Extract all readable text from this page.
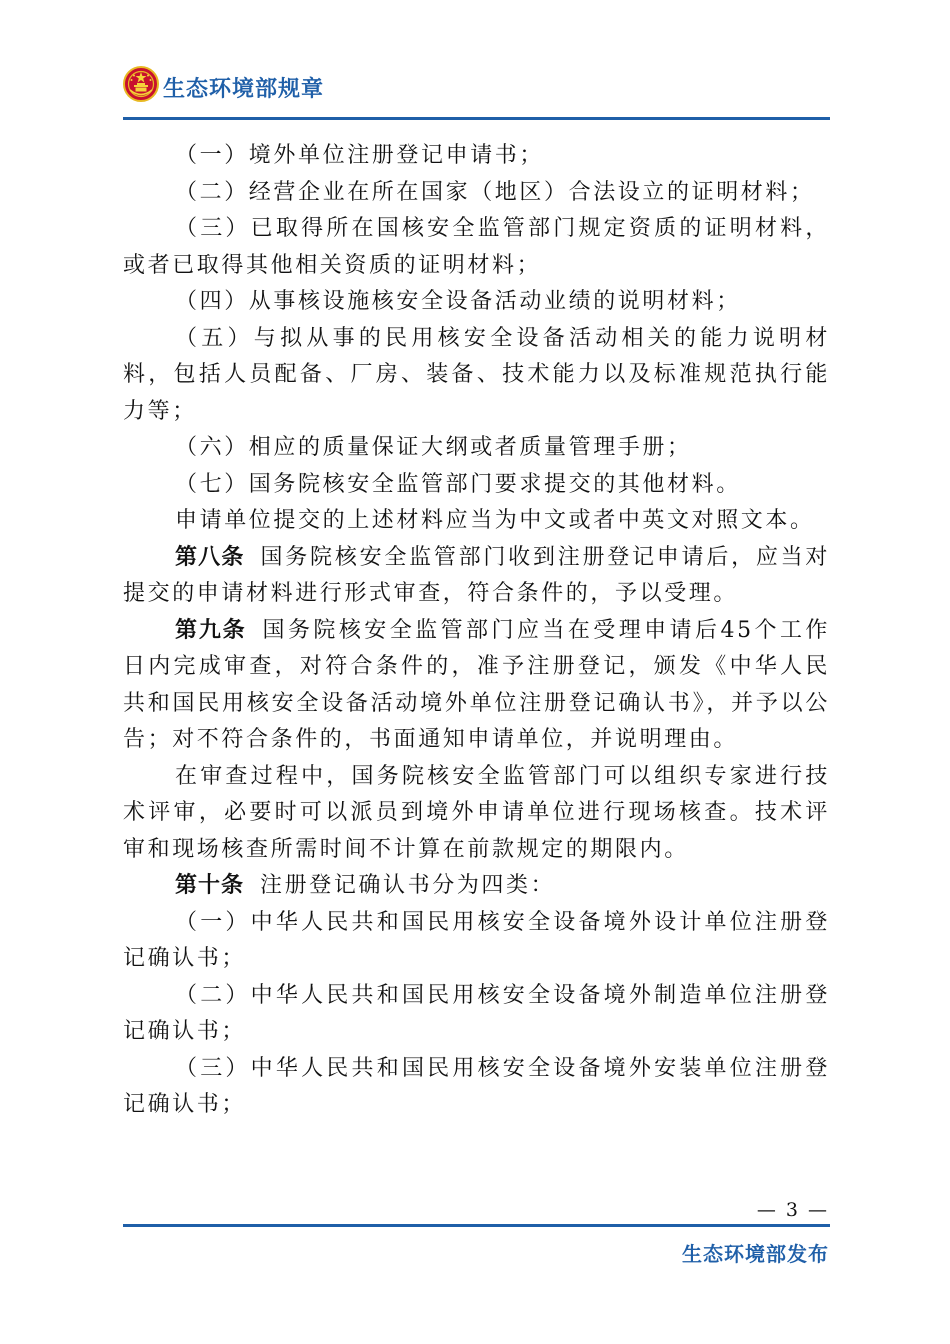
生态环境部规章

（一）境外单位注册登记申请书；

（二）经营企业在所在国家（地区）合法设立的证明材料；

（三）已取得所在国核安全监管部门规定资质的证明材料，或者已取得其他相关资质的证明材料；

（四）从事核设施核安全设备活动业绩的说明材料；

（五）与拟从事的民用核安全设备活动相关的能力说明材料，包括人员配备、厂房、装备、技术能力以及标准规范执行能力等；

（六）相应的质量保证大纲或者质量管理手册；

（七）国务院核安全监管部门要求提交的其他材料。

申请单位提交的上述材料应当为中文或者中英文对照文本。

第八条 国务院核安全监管部门收到注册登记申请后，应当对提交的申请材料进行形式审查，符合条件的，予以受理。

第九条 国务院核安全监管部门应当在受理申请后45个工作日内完成审查，对符合条件的，准予注册登记，颁发《中华人民共和国民用核安全设备活动境外单位注册登记确认书》，并予以公告；对不符合条件的，书面通知申请单位，并说明理由。

在审查过程中，国务院核安全监管部门可以组织专家进行技术评审，必要时可以派员到境外申请单位进行现场核查。技术评审和现场核查所需时间不计算在前款规定的期限内。

第十条 注册登记确认书分为四类：

（一）中华人民共和国民用核安全设备境外设计单位注册登记确认书；

（二）中华人民共和国民用核安全设备境外制造单位注册登记确认书；

（三）中华人民共和国民用核安全设备境外安装单位注册登记确认书；

— 3 —
生态环境部发布
